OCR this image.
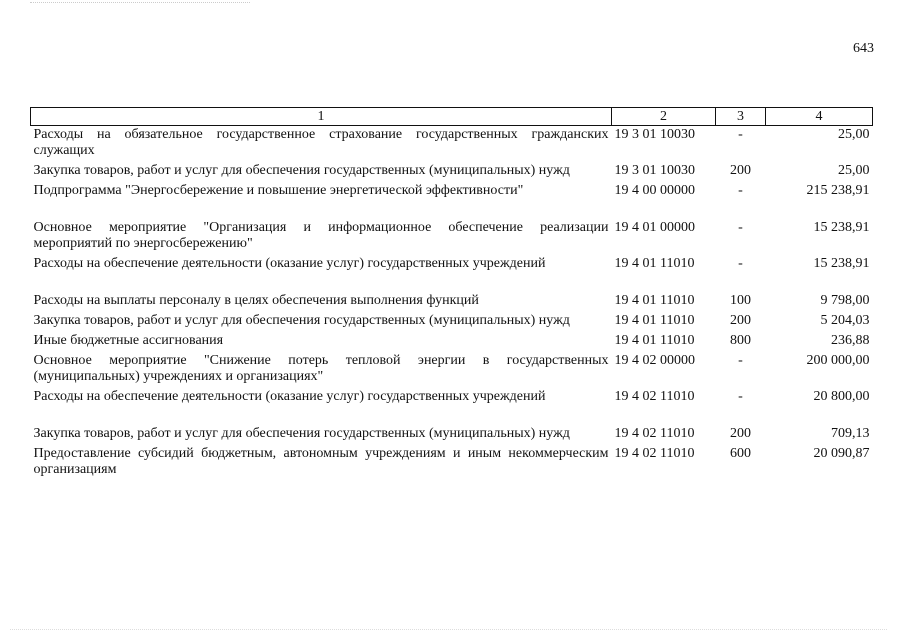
643
1	2	3	4
Расходы на обязательное государственное страхование государственных гражданских служащих	19 3 01 10030	-	25,00
Закупка товаров, работ и услуг для обеспечения государственных (муниципальных) нужд	19 3 01 10030	200	25,00
Подпрограмма "Энергосбережение и повышение энергетической эффективности"	19 4 00 00000	-	215 238,91
Основное мероприятие "Организация и информационное обеспечение реализации мероприятий по энергосбережению"	19 4 01 00000	-	15 238,91
Расходы на обеспечение деятельности (оказание услуг) государственных учреждений	19 4 01 11010	-	15 238,91
Расходы на выплаты персоналу в целях обеспечения выполнения функций	19 4 01 11010	100	9 798,00
Закупка товаров, работ и услуг для обеспечения государственных (муниципальных) нужд	19 4 01 11010	200	5 204,03
Иные бюджетные ассигнования	19 4 01 11010	800	236,88
Основное мероприятие "Снижение потерь тепловой энергии в государственных (муниципальных) учреждениях и организациях"	19 4 02 00000	-	200 000,00
Расходы на обеспечение деятельности (оказание услуг) государственных учреждений	19 4 02 11010	-	20 800,00
Закупка товаров, работ и услуг для обеспечения государственных (муниципальных) нужд	19 4 02 11010	200	709,13
Предоставление субсидий бюджетным, автономным учреждениям и иным некоммерческим организациям	19 4 02 11010	600	20 090,87
